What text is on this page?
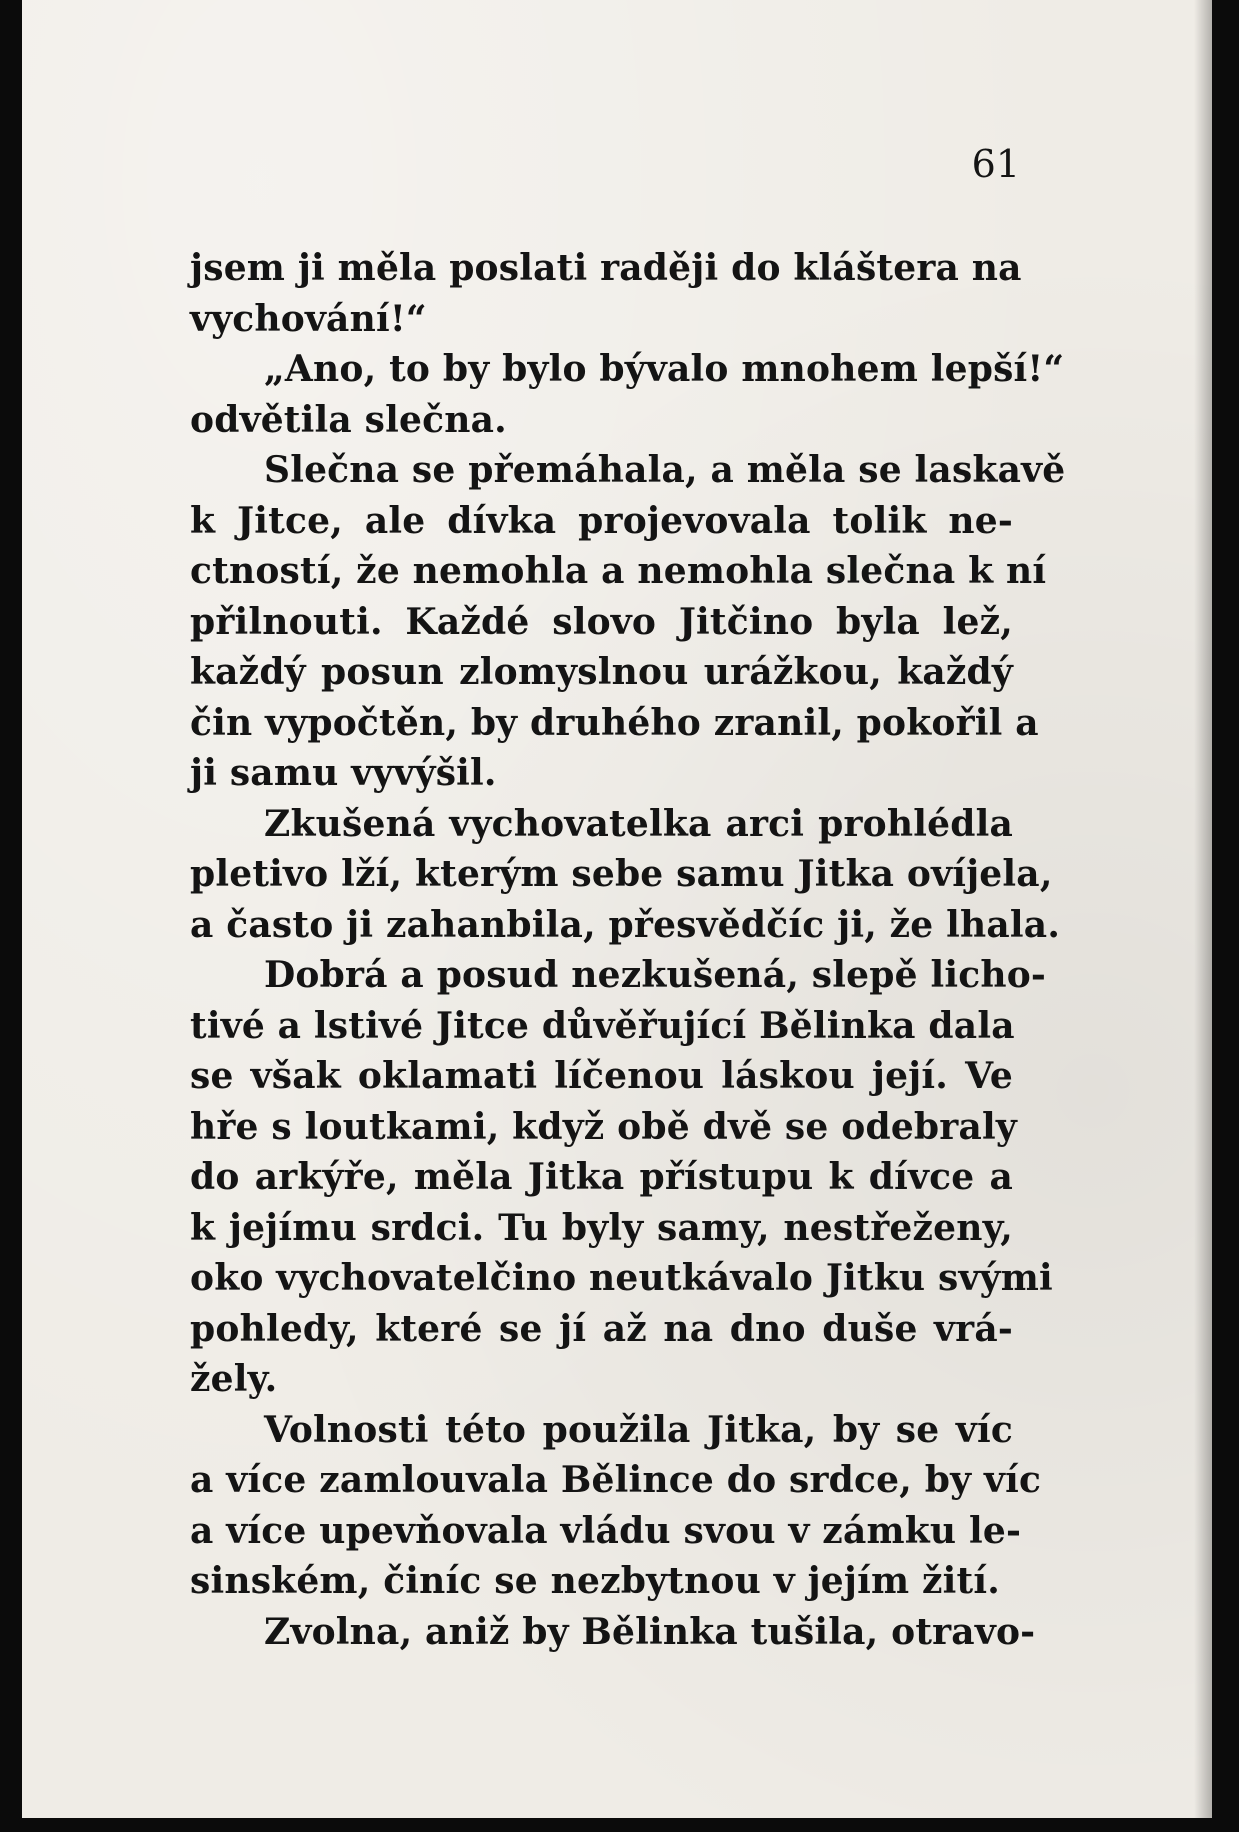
61
jsem ji měla poslati raději do kláštera na
vychování!“
„Ano, to by bylo bývalo mnohem lepší!“
odvětila slečna.
Slečna se přemáhala, a měla se laskavě
k Jitce, ale dívka projevovala tolik ne-
ctností, že nemohla a nemohla slečna k ní
přilnouti. Každé slovo Jitčino byla lež,
každý posun zlomyslnou urážkou, každý
čin vypočtěn, by druhého zranil, pokořil a
ji samu vyvýšil.
Zkušená vychovatelka arci prohlédla
pletivo lží, kterým sebe samu Jitka ovíjela,
a často ji zahanbila, přesvědčíc ji, že lhala.
Dobrá a posud nezkušená, slepě licho-
tivé a lstivé Jitce důvěřující Bělinka dala
se však oklamati líčenou láskou její. Ve
hře s loutkami, když obě dvě se odebraly
do arkýře, měla Jitka přístupu k dívce a
k jejímu srdci. Tu byly samy, nestřeženy,
oko vychovatelčino neutkávalo Jitku svými
pohledy, které se jí až na dno duše vrá-
žely.
Volnosti této použila Jitka, by se víc
a více zamlouvala Bělince do srdce, by víc
a více upevňovala vládu svou v zámku le-
sinském, činíc se nezbytnou v jejím žití.
Zvolna, aniž by Bělinka tušila, otravo-
